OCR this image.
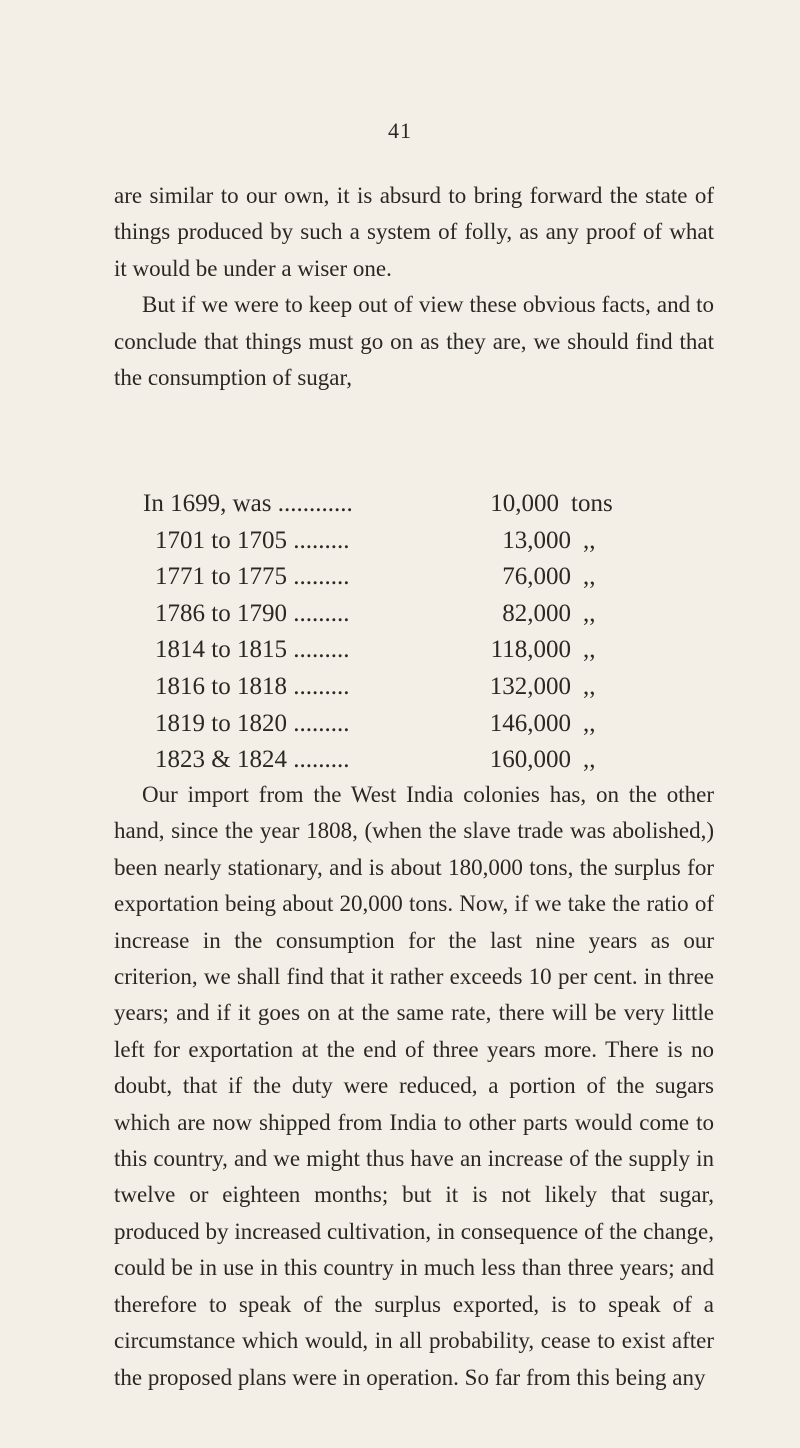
41

are similar to our own, it is absurd to bring forward the state of things produced by such a system of folly, as any proof of what it would be under a wiser one.

But if we were to keep out of view these obvious facts, and to conclude that things must go on as they are, we should find that the consumption of sugar,

In 1699, was ............	10,000 tons
1701 to 1705 .........	13,000 ,,
1771 to 1775 .........	76,000 ,,
1786 to 1790 .........	82,000 ,,
1814 to 1815 .........	118,000 ,,
1816 to 1818 .........	132,000 ,,
1819 to 1820 .........	146,000 ,,
1823 & 1824 .........	160,000 ,,

Our import from the West India colonies has, on the other hand, since the year 1808, (when the slave trade was abolished,) been nearly stationary, and is about 180,000 tons, the surplus for exportation being about 20,000 tons. Now, if we take the ratio of increase in the consumption for the last nine years as our criterion, we shall find that it rather exceeds 10 per cent. in three years; and if it goes on at the same rate, there will be very little left for exportation at the end of three years more. There is no doubt, that if the duty were reduced, a portion of the sugars which are now shipped from India to other parts would come to this country, and we might thus have an increase of the supply in twelve or eighteen months; but it is not likely that sugar, produced by increased cultivation, in consequence of the change, could be in use in this country in much less than three years; and therefore to speak of the surplus exported, is to speak of a circumstance which would, in all probability, cease to exist after the proposed plans were in operation. So far from this being any
